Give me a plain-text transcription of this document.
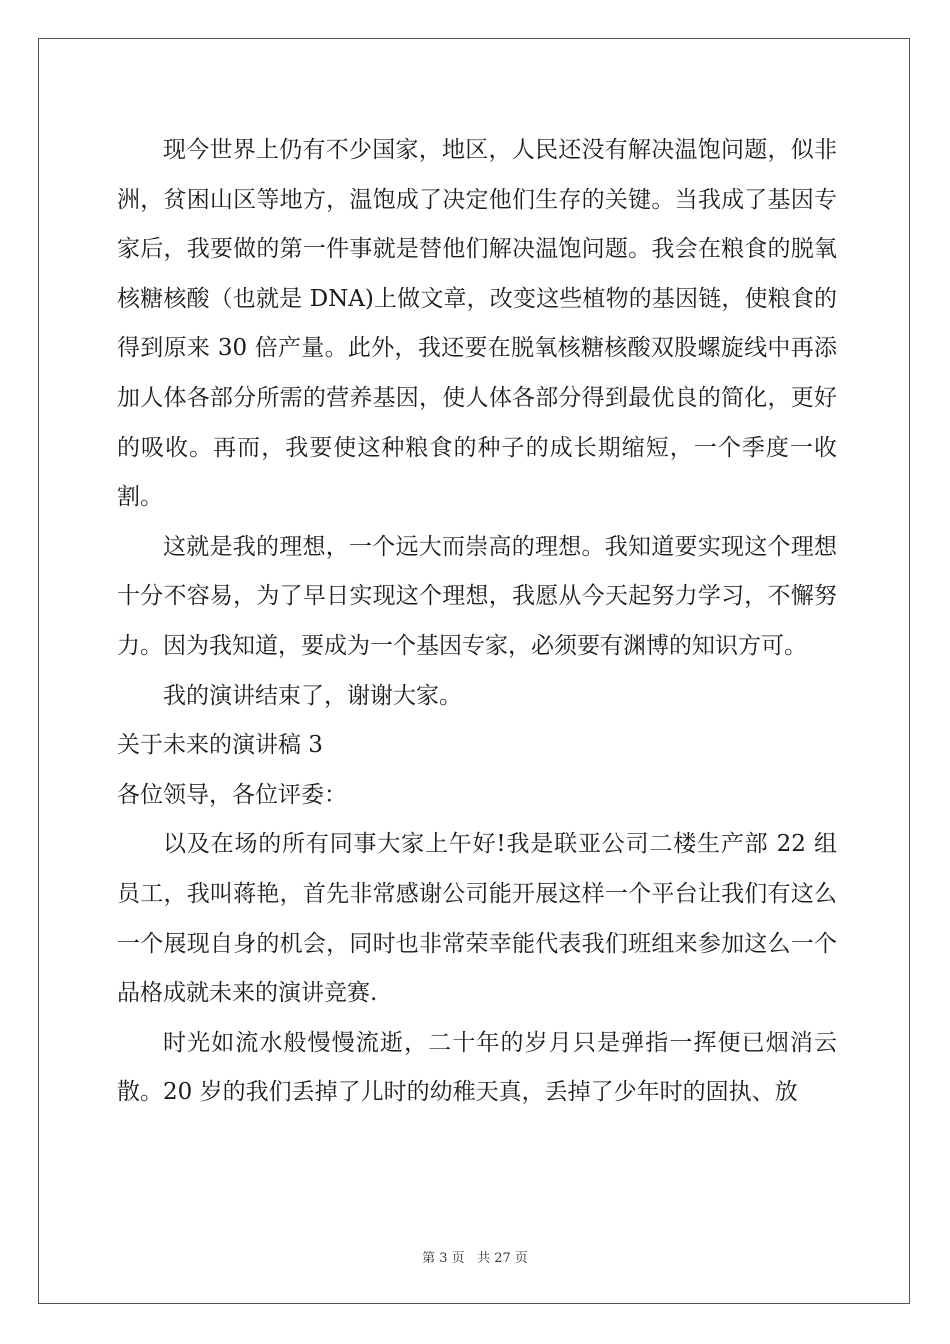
现今世界上仍有不少国家，地区，人民还没有解决温饱问题，似非洲，贫困山区等地方，温饱成了决定他们生存的关键。当我成了基因专家后，我要做的第一件事就是替他们解决温饱问题。我会在粮食的脱氧核糖核酸（也就是 DNA)上做文章，改变这些植物的基因链，使粮食的得到原来 30 倍产量。此外，我还要在脱氧核糖核酸双股螺旋线中再添加人体各部分所需的营养基因，使人体各部分得到最优良的简化，更好的吸收。再而，我要使这种粮食的种子的成长期缩短，一个季度一收割。

这就是我的理想，一个远大而崇高的理想。我知道要实现这个理想十分不容易，为了早日实现这个理想，我愿从今天起努力学习，不懈努力。因为我知道，要成为一个基因专家，必须要有渊博的知识方可。

我的演讲结束了，谢谢大家。

关于未来的演讲稿 3

各位领导，各位评委：

以及在场的所有同事大家上午好!我是联亚公司二楼生产部 22 组员工，我叫蒋艳，首先非常感谢公司能开展这样一个平台让我们有这么一个展现自身的机会，同时也非常荣幸能代表我们班组来参加这么一个品格成就未来的演讲竞赛.

时光如流水般慢慢流逝，二十年的岁月只是弹指一挥便已烟消云散。20 岁的我们丢掉了儿时的幼稚天真，丢掉了少年时的固执、放

第 3 页 共 27 页
